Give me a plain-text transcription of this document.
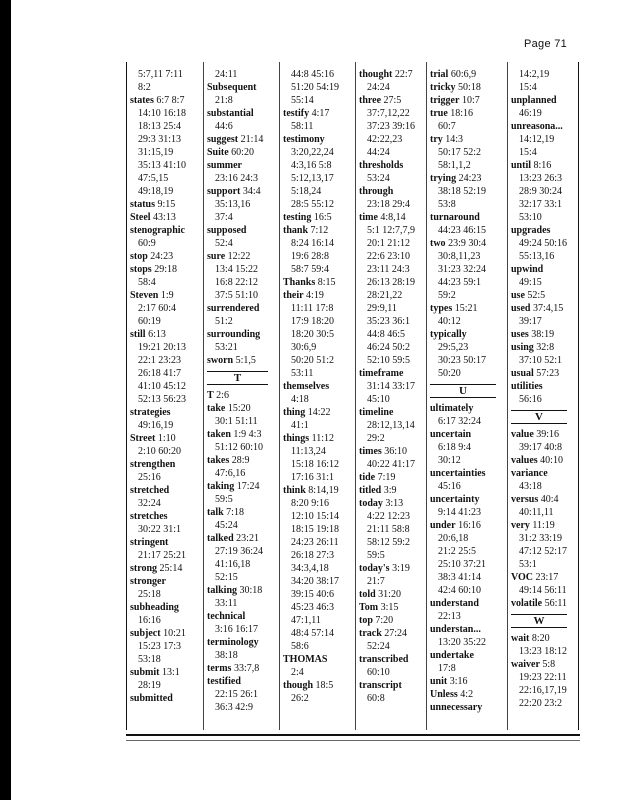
Page 71
5:7,11 7:11
8:2
states 6:7 8:7
14:10 16:18
18:13 25:4
29:3 31:13
31:15,19
35:13 41:10
47:5,15
49:18,19
status 9:15
Steel 43:13
stenographic
60:9
stop 24:23
stops 29:18
58:4
Steven 1:9
2:17 60:4
60:19
still 6:13
19:21 20:13
22:1 23:23
26:18 41:7
41:10 45:12
52:13 56:23
strategies
49:16,19
Street 1:10
2:10 60:20
strengthen
25:16
stretched
32:24
stretches
30:22 31:1
stringent
21:17 25:21
strong 25:14
stronger
25:18
subheading
16:16
subject 10:21
15:23 17:3
53:18
submit 13:1
28:19
submitted
24:11
Subsequent
21:8
substantial
44:6
suggest 21:14
Suite 60:20
summer
23:16 24:3
support 34:4
35:13,16
37:4
supposed
52:4
sure 12:22
13:4 15:22
16:8 22:12
37:5 51:10
surrendered
51:2
surrounding
53:21
sworn 5:1,5
T
T 2:6
take 15:20
30:1 51:11
taken 1:9 4:3
51:12 60:10
takes 28:9
47:6,16
taking 17:24
59:5
talk 7:18
45:24
talked 23:21
27:19 36:24
41:16,18
52:15
talking 30:18
33:11
technical
3:16 16:17
terminology
38:18
terms 33:7,8
testified
22:15 26:1
36:3 42:9
44:8 45:16
51:20 54:19
55:14
testify 4:17
58:11
testimony
3:20,22,24
4:3,16 5:8
5:12,13,17
5:18,24
28:5 55:12
testing 16:5
thank 7:12
8:24 16:14
19:6 28:8
58:7 59:4
Thanks 8:15
their 4:19
11:11 17:8
17:9 18:20
18:20 30:5
30:6,9
50:20 51:2
53:11
themselves
4:18
thing 14:22
41:1
things 11:12
11:13,24
15:18 16:12
17:16 31:1
think 8:14,19
8:20 9:16
12:10 15:14
18:15 19:18
24:23 26:11
26:18 27:3
34:3,4,18
34:20 38:17
39:15 40:6
45:23 46:3
47:1,11
48:4 57:14
58:6
THOMAS
2:4
though 18:5
26:2
thought 22:7
24:24
three 27:5
37:7,12,22
37:23 39:16
42:22,23
44:24
thresholds
53:24
through
23:18 29:4
time 4:8,14
5:1 12:7,7,9
20:1 21:12
22:6 23:10
23:11 24:3
26:13 28:19
28:21,22
29:9,11
35:23 36:1
44:8 46:5
46:24 50:2
52:10 59:5
timeframe
31:14 33:17
45:10
timeline
28:12,13,14
29:2
times 36:10
40:22 41:17
tide 7:19
titled 3:9
today 3:13
4:22 12:23
21:11 58:8
58:12 59:2
59:5
today's 3:19
21:7
told 31:20
Tom 3:15
top 7:20
track 27:24
52:24
transcribed
60:10
transcript
60:8
trial 60:6,9
tricky 50:18
trigger 10:7
true 18:16
60:7
try 14:3
50:17 52:2
58:1,1,2
trying 24:23
38:18 52:19
53:8
turnaround
44:23 46:15
two 23:9 30:4
30:8,11,23
31:23 32:24
44:23 59:1
59:2
types 15:21
40:12
typically
29:5,23
30:23 50:17
50:20
U
ultimately
6:17 32:24
uncertain
6:18 9:4
30:12
uncertainties
45:16
uncertainty
9:14 41:23
under 16:16
20:6,18
21:2 25:5
25:10 37:21
38:3 41:14
42:4 60:10
understand
22:13
understan...
13:20 35:22
undertake
17:8
unit 3:16
Unless 4:2
unnecessary
14:2,19
15:4
unplanned
46:19
unreasona...
14:12,19
15:4
until 8:16
13:23 26:3
28:9 30:24
32:17 33:1
53:10
upgrades
49:24 50:16
55:13,16
upwind
49:15
use 52:5
used 37:4,15
39:17
uses 38:19
using 32:8
37:10 52:1
usual 57:23
utilities
56:16
V
value 39:16
39:17 40:8
values 40:10
variance
43:18
versus 40:4
40:11,11
very 11:19
31:2 33:19
47:12 52:17
53:1
VOC 23:17
49:14 56:11
volatile 56:11
W
wait 8:20
13:23 18:12
waiver 5:8
19:23 22:11
22:16,17,19
22:20 23:2
